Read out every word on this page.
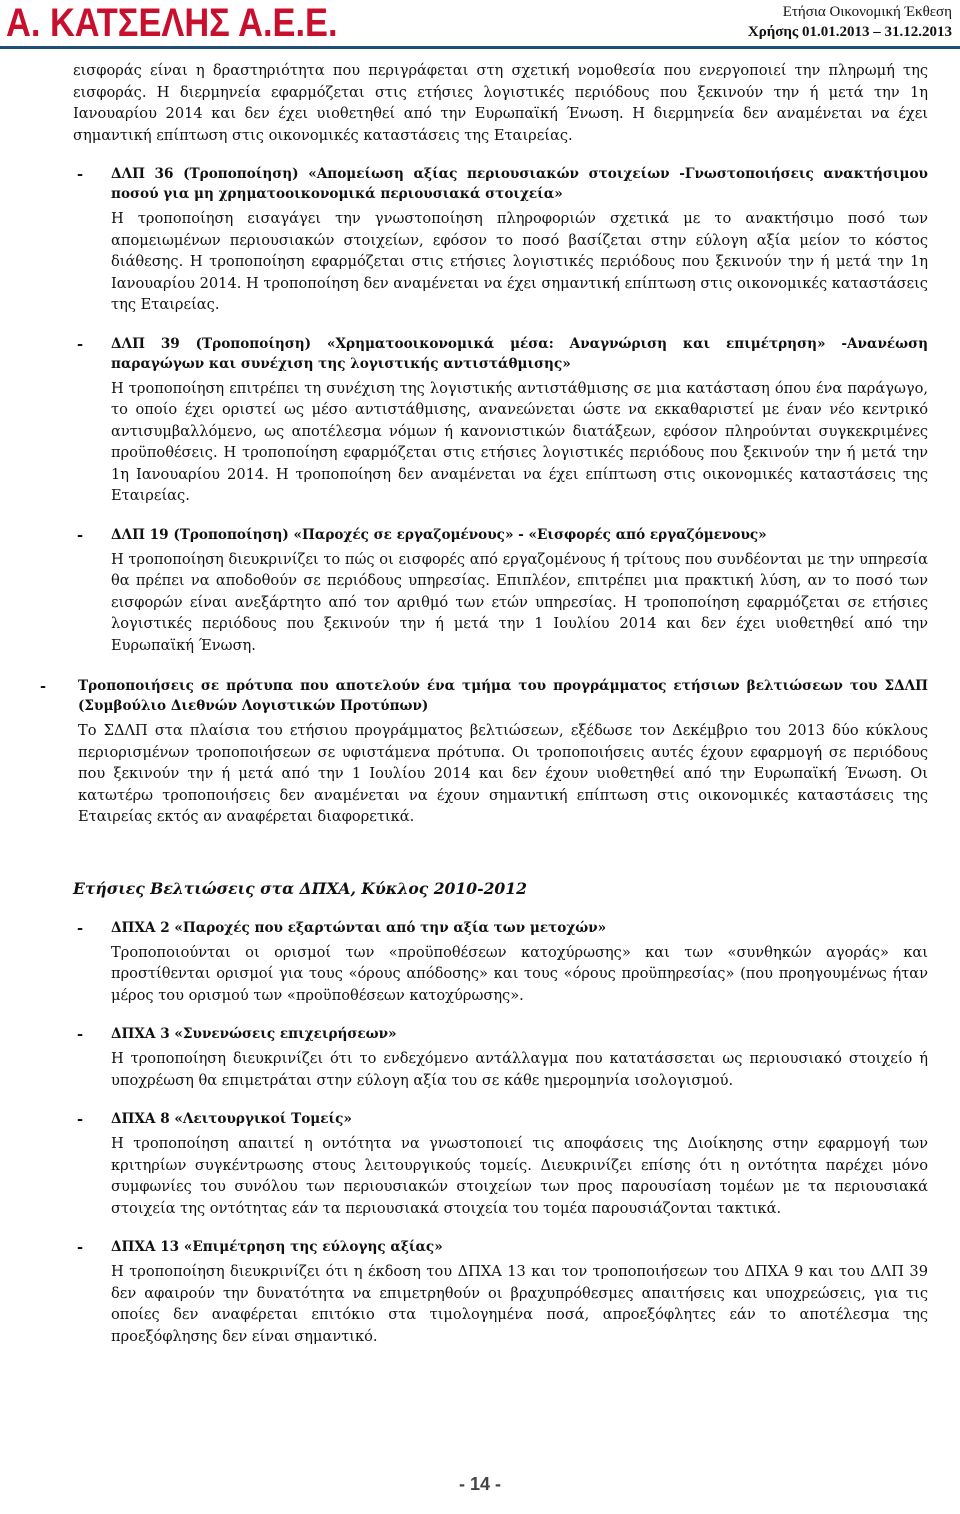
Α. ΚΑΤΣΕΛΗΣ Α.Ε.Ε.	Ετήσια Οικονομική Έκθεση
Χρήσης 01.01.2013 – 31.12.2013

εισφοράς είναι η δραστηριότητα που περιγράφεται στη σχετική νομοθεσία που ενεργοποιεί την πληρωμή της εισφοράς. Η διερμηνεία εφαρμόζεται στις ετήσιες λογιστικές περιόδους που ξεκινούν την ή μετά την 1η Ιανουαρίου 2014 και δεν έχει υιοθετηθεί από την Ευρωπαϊκή Ένωση. Η διερμηνεία δεν αναμένεται να έχει σημαντική επίπτωση στις οικονομικές καταστάσεις της Εταιρείας.

- ΔΛΠ 36 (Τροποποίηση) «Απομείωση αξίας περιουσιακών στοιχείων -Γνωστοποιήσεις ανακτήσιμου ποσού για μη χρηματοοικονομικά περιουσιακά στοιχεία»

Η τροποποίηση εισαγάγει την γνωστοποίηση πληροφοριών σχετικά με το ανακτήσιμο ποσό των απομειωμένων περιουσιακών στοιχείων, εφόσον το ποσό βασίζεται στην εύλογη αξία μείον το κόστος διάθεσης. Η τροποποίηση εφαρμόζεται στις ετήσιες λογιστικές περιόδους που ξεκινούν την ή μετά την 1η Ιανουαρίου 2014. Η τροποποίηση δεν αναμένεται να έχει σημαντική επίπτωση στις οικονομικές καταστάσεις της Εταιρείας.

- ΔΛΠ 39 (Τροποποίηση) «Χρηματοοικονομικά μέσα: Αναγνώριση και επιμέτρηση» -Ανανέωση παραγώγων και συνέχιση της λογιστικής αντιστάθμισης»

Η τροποποίηση επιτρέπει τη συνέχιση της λογιστικής αντιστάθμισης σε μια κατάσταση όπου ένα παράγωγο, το οποίο έχει οριστεί ως μέσο αντιστάθμισης, ανανεώνεται ώστε να εκκαθαριστεί με έναν νέο κεντρικό αντισυμβαλλόμενο, ως αποτέλεσμα νόμων ή κανονιστικών διατάξεων, εφόσον πληρούνται συγκεκριμένες προϋποθέσεις. Η τροποποίηση εφαρμόζεται στις ετήσιες λογιστικές περιόδους που ξεκινούν την ή μετά την 1η Ιανουαρίου 2014. Η τροποποίηση δεν αναμένεται να έχει επίπτωση στις οικονομικές καταστάσεις της Εταιρείας.

- ΔΛΠ 19 (Τροποποίηση) «Παροχές σε εργαζομένους» - «Εισφορές από εργαζόμενους»

Η τροποποίηση διευκρινίζει το πώς οι εισφορές από εργαζομένους ή τρίτους που συνδέονται με την υπηρεσία θα πρέπει να αποδοθούν σε περιόδους υπηρεσίας. Επιπλέον, επιτρέπει μια πρακτική λύση, αν το ποσό των εισφορών είναι ανεξάρτητο από τον αριθμό των ετών υπηρεσίας. Η τροποποίηση εφαρμόζεται σε ετήσιες λογιστικές περιόδους που ξεκινούν την ή μετά την 1 Ιουλίου 2014 και δεν έχει υιοθετηθεί από την Ευρωπαϊκή Ένωση.

- Τροποποιήσεις σε πρότυπα που αποτελούν ένα τμήμα του προγράμματος ετήσιων βελτιώσεων του ΣΔΛΠ (Συμβούλιο Διεθνών Λογιστικών Προτύπων)

Το ΣΔΛΠ στα πλαίσια του ετήσιου προγράμματος βελτιώσεων, εξέδωσε τον Δεκέμβριο του 2013 δύο κύκλους περιορισμένων τροποποιήσεων σε υφιστάμενα πρότυπα. Οι τροποποιήσεις αυτές έχουν εφαρμογή σε περιόδους που ξεκινούν την ή μετά από την 1 Ιουλίου 2014 και δεν έχουν υιοθετηθεί από την Ευρωπαϊκή Ένωση. Οι κατωτέρω τροποποιήσεις δεν αναμένεται να έχουν σημαντική επίπτωση στις οικονομικές καταστάσεις της Εταιρείας εκτός αν αναφέρεται διαφορετικά.

Ετήσιες Βελτιώσεις στα ΔΠΧΑ, Κύκλος 2010-2012
- ΔΠΧΑ 2 «Παροχές που εξαρτώνται από την αξία των μετοχών»

Τροποποιούνται οι ορισμοί των «προϋποθέσεων κατοχύρωσης» και των «συνθηκών αγοράς» και προστίθενται ορισμοί για τους «όρους απόδοσης» και τους «όρους προϋπηρεσίας» (που προηγουμένως ήταν μέρος του ορισμού των «προϋποθέσεων κατοχύρωσης».

- ΔΠΧΑ 3 «Συνενώσεις επιχειρήσεων»

Η τροποποίηση διευκρινίζει ότι το ενδεχόμενο αντάλλαγμα που κατατάσσεται ως περιουσιακό στοιχείο ή υποχρέωση θα επιμετράται στην εύλογη αξία του σε κάθε ημερομηνία ισολογισμού.

- ΔΠΧΑ 8 «Λειτουργικοί Τομείς»

Η τροποποίηση απαιτεί η οντότητα να γνωστοποιεί τις αποφάσεις της Διοίκησης στην εφαρμογή των κριτηρίων συγκέντρωσης στους λειτουργικούς τομείς. Διευκρινίζει επίσης ότι η οντότητα παρέχει μόνο συμφωνίες του συνόλου των περιουσιακών στοιχείων των προς παρουσίαση τομέων με τα περιουσιακά στοιχεία της οντότητας εάν τα περιουσιακά στοιχεία του τομέα παρουσιάζονται τακτικά.

- ΔΠΧΑ 13 «Επιμέτρηση της εύλογης αξίας»

Η τροποποίηση διευκρινίζει ότι η έκδοση του ΔΠΧΑ 13 και τον τροποποιήσεων του ΔΠΧΑ 9 και του ΔΛΠ 39 δεν αφαιρούν την δυνατότητα να επιμετρηθούν οι βραχυπρόθεσμες απαιτήσεις και υποχρεώσεις, για τις οποίες δεν αναφέρεται επιτόκιο στα τιμολογημένα ποσά, απροεξόφλητες εάν το αποτέλεσμα της προεξόφλησης δεν είναι σημαντικό.

- 14 -
